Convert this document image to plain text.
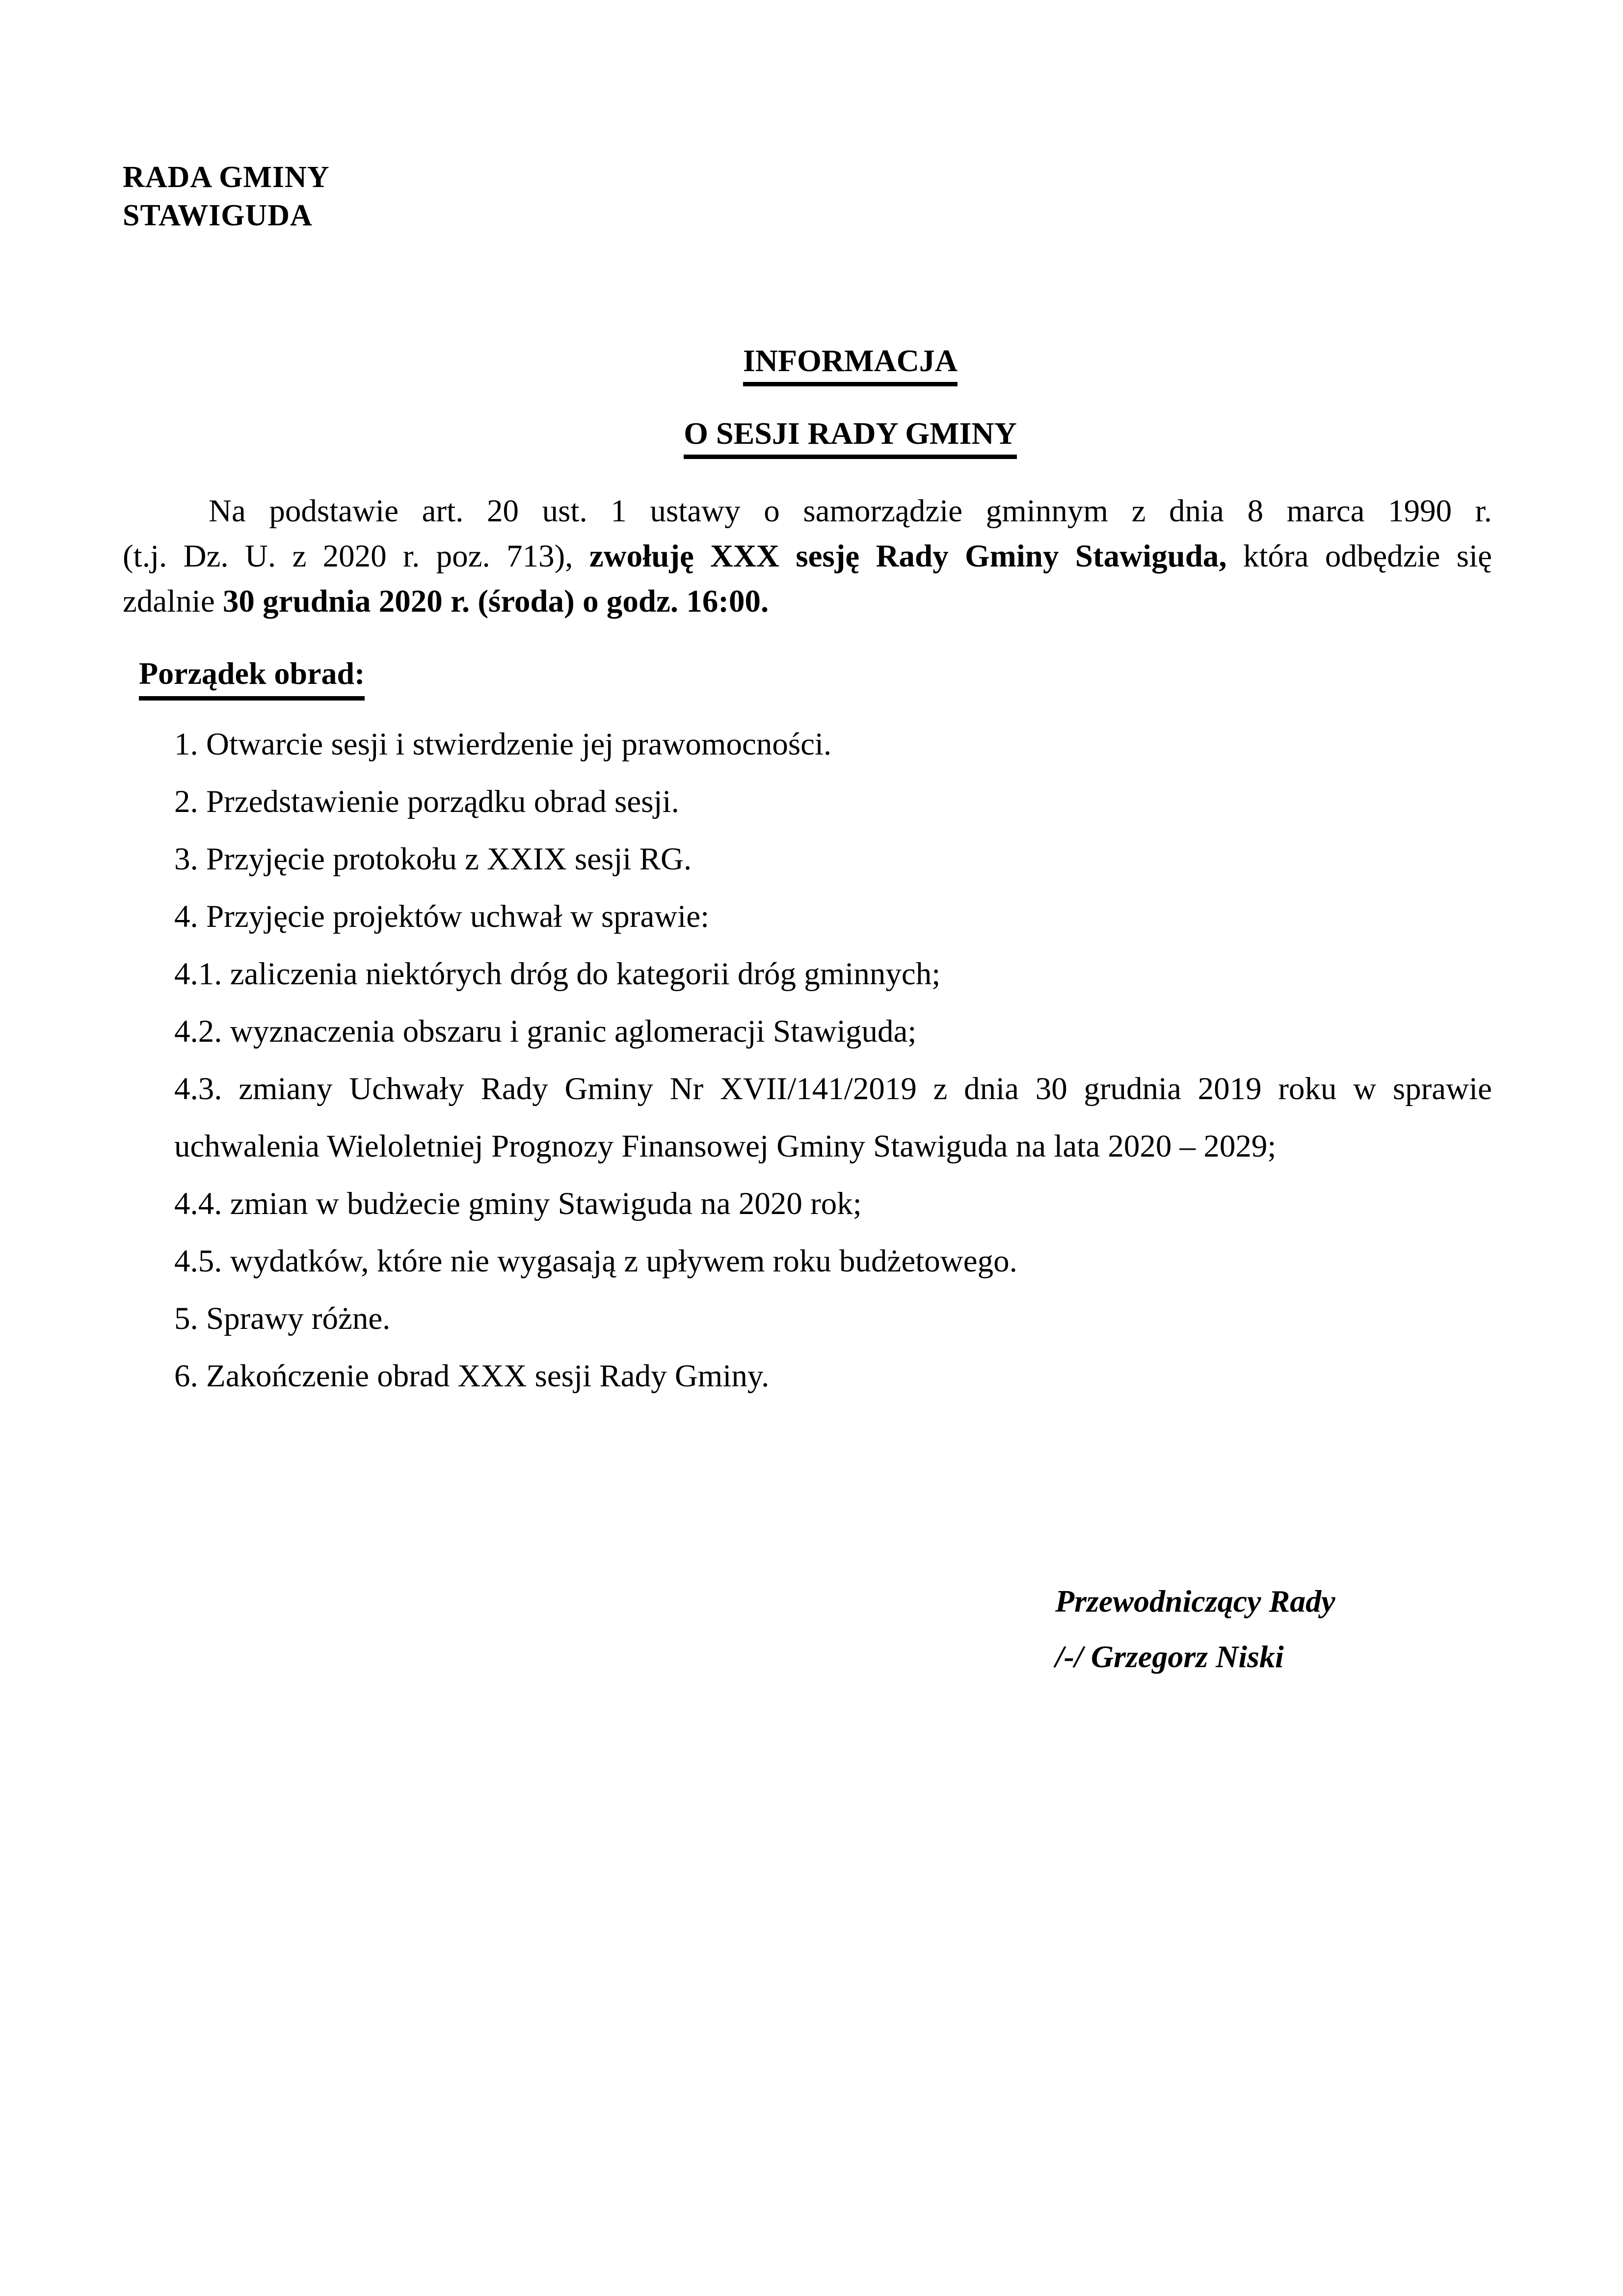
RADA GMINY
STAWIGUDA
INFORMACJA
O SESJI RADY GMINY
Na podstawie art. 20 ust. 1 ustawy o samorządzie gminnym z dnia 8 marca 1990 r.
(t.j. Dz. U. z 2020 r. poz. 713), zwołuję XXX sesję Rady Gminy Stawiguda, która odbędzie się
zdalnie 30 grudnia 2020 r. (środa) o godz. 16:00.
Porządek obrad:
1. Otwarcie sesji i stwierdzenie jej prawomocności.
2. Przedstawienie porządku obrad sesji.
3. Przyjęcie protokołu z XXIX sesji RG.
4. Przyjęcie projektów uchwał w sprawie:
4.1. zaliczenia niektórych dróg do kategorii dróg gminnych;
4.2. wyznaczenia obszaru i granic aglomeracji Stawiguda;
4.3. zmiany Uchwały Rady Gminy Nr XVII/141/2019 z dnia 30 grudnia 2019 roku w sprawie uchwalenia Wieloletniej Prognozy Finansowej Gminy Stawiguda na lata 2020 – 2029;
4.4. zmian w budżecie gminy Stawiguda na 2020 rok;
4.5. wydatków, które nie wygasają z upływem roku budżetowego.
5. Sprawy różne.
6. Zakończenie obrad XXX sesji Rady Gminy.
Przewodniczący Rady
/-/ Grzegorz Niski
